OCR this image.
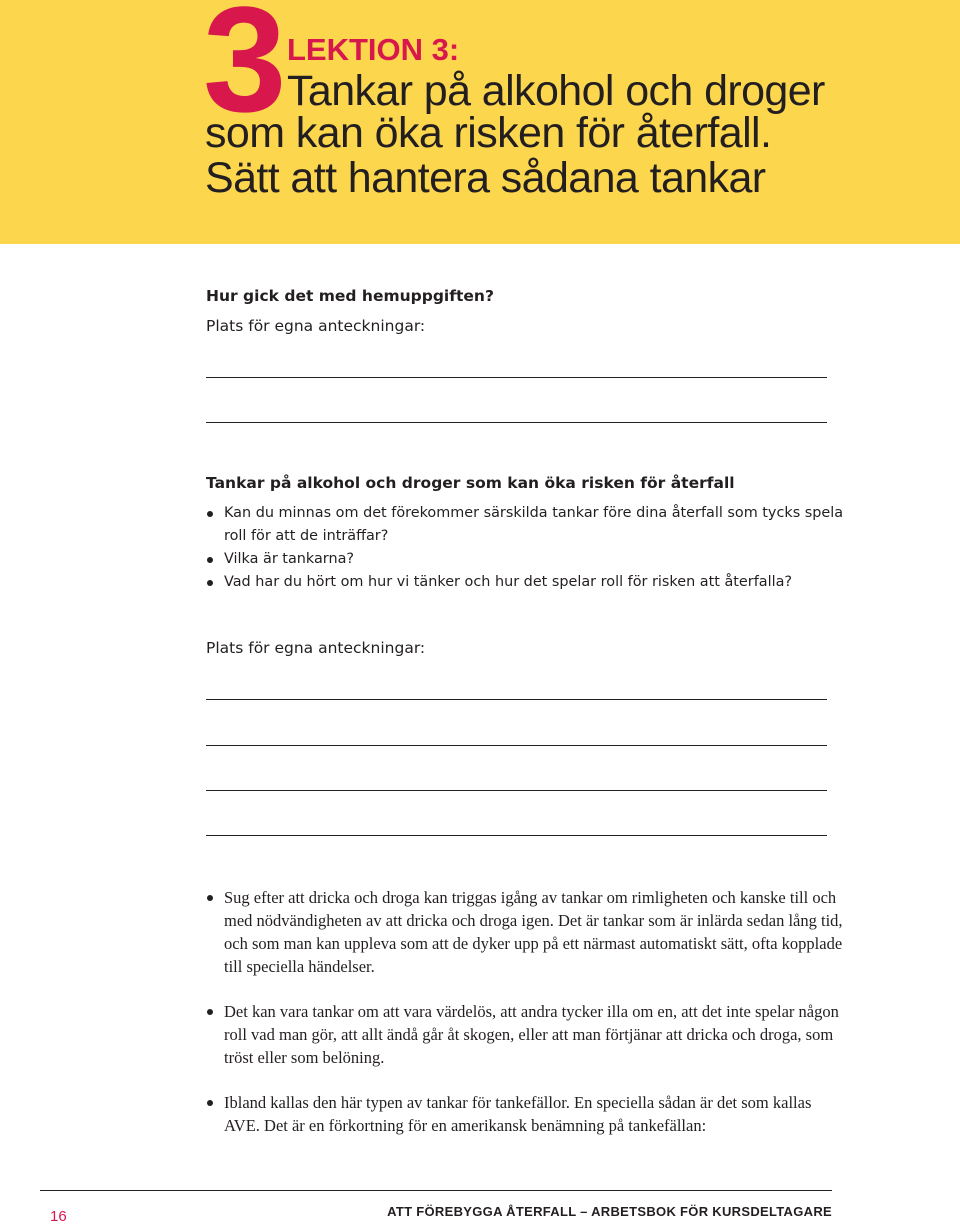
3 LEKTION 3:
Tankar på alkohol och droger
som kan öka risken för återfall.
Sätt att hantera sådana tankar
Hur gick det med hemuppgiften?
Plats för egna anteckningar:
Tankar på alkohol och droger som kan öka risken för återfall
Kan du minnas om det förekommer särskilda tankar före dina återfall som tycks spela roll för att de inträffar?
Vilka är tankarna?
Vad har du hört om hur vi tänker och hur det spelar roll för risken att återfalla?
Plats för egna anteckningar:
Sug efter att dricka och droga kan triggas igång av tankar om rimligheten och kanske till och med nödvändigheten av att dricka och droga igen. Det är tankar som är inlärda sedan lång tid, och som man kan uppleva som att de dyker upp på ett närmast automatiskt sätt, ofta kopplade till speciella händelser.
Det kan vara tankar om att vara värdelös, att andra tycker illa om en, att det inte spelar någon roll vad man gör, att allt ändå går åt skogen, eller att man förtjänar att dricka och droga, som tröst eller som belöning.
Ibland kallas den här typen av tankar för tankefällor. En speciella sådan är det som kallas AVE. Det är en förkortning för en amerikansk benämning på tankefällan:
16	ATT FÖREBYGGA ÅTERFALL – ARBETSBOK FÖR KURSDELTAGARE
